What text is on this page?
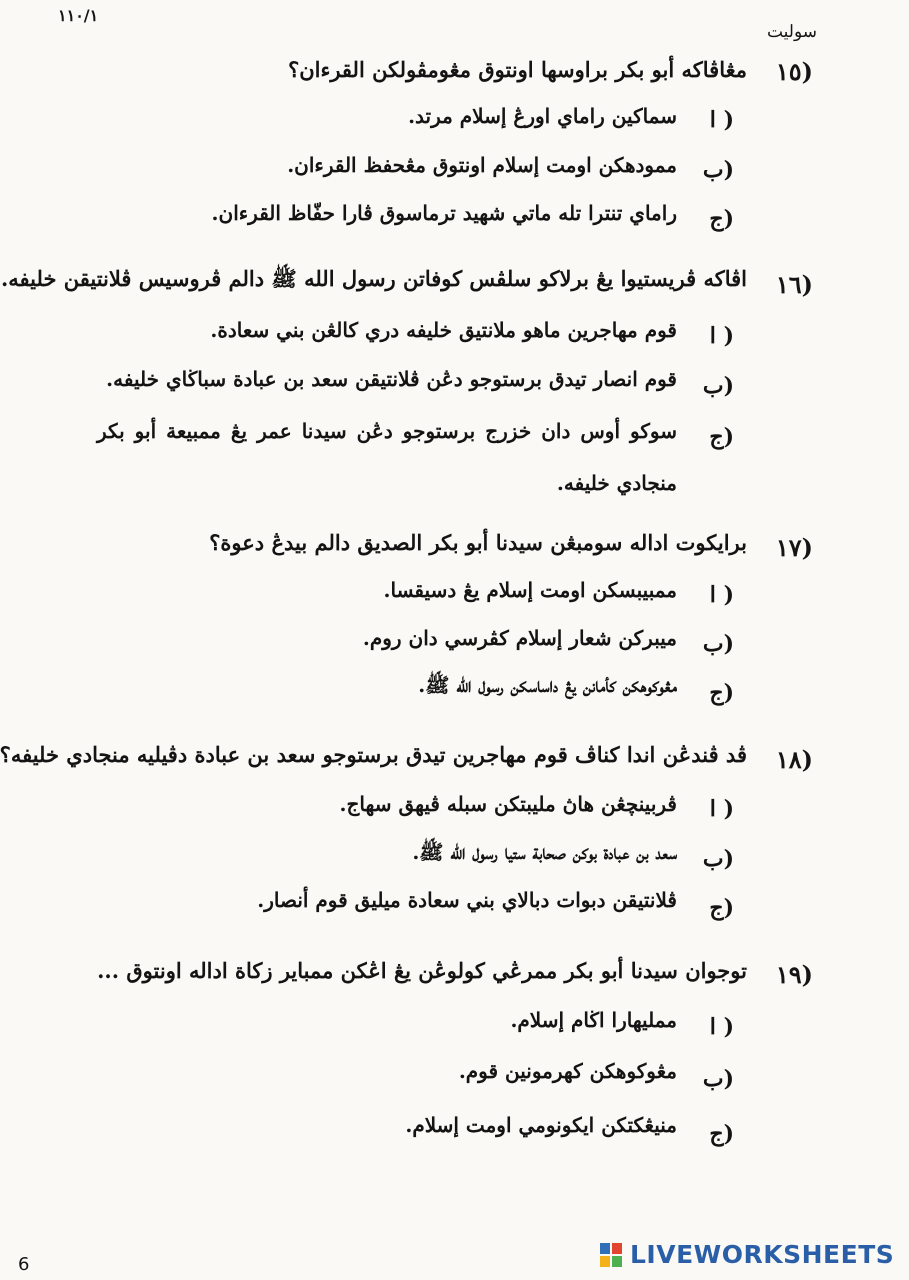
١١٠/١
سوليت
١٥)
مڠاڤاكه أبو بكر براوسها اونتوق مڠومڤولكن القرءان؟
ا )
سماكين راماي اورڠ إسلام مرتد.
ب)
ممودهكن اومت إسلام اونتوق مڠحفظ القرءان.
ج)
راماي تنترا تله ماتي شهيد ترماسوق ڤارا حفّاظ القرءان.
١٦)
اڤاكه ڤريستيوا يڠ برلاكو سلڤس كوفاتن رسول الله ﷺ دالم ڤروسيس ڤلانتيقن خليفه.
ا )
قوم مهاجرين ماهو ملانتيق خليفه دري كالڠن بني سعادة.
ب)
قوم انصار تيدق برستوجو دڠن ڤلانتيقن سعد بن عبادة سباڬاي خليفه.
ج)
سوكو أوس دان خزرج برستوجو دڠن سيدنا عمر يڠ ممبيعة أبو بكر منجادي خليفه.
١٧)
برايكوت اداله سومبڠن سيدنا أبو بكر الصديق دالم بيدڠ دعوة؟
ا )
ممبيبسكن اومت إسلام يڠ دسيقسا.
ب)
ميبركن شعار إسلام كڤرسي دان روم.
ج)
مڠوكوهكن كأمانن يڠ داساسكن رسول الله ﷺ.
١٨)
ڤد ڤندڠن اندا كناڤ قوم مهاجرين تيدق برستوجو سعد بن عبادة دڤيليه منجادي خليفه؟
ا )
ڤربينچڠن هاڽ مليبتكن سبله ڤيهق سهاج.
ب)
سعد بن عبادة بوكن صحابة ستيا رسول الله ﷺ.
ج)
ڤلانتيقن دبوات دبالاي بني سعادة ميليق قوم أنصار.
١٩)
توجوان سيدنا أبو بكر ممرڠي كولوڠن يڠ اڠكن ممباير زكاة اداله اونتوق ...
ا )
ممليهارا اڬام إسلام.
ب)
مڠوكوهكن كهرمونين قوم.
ج)
منيڠكتكن ايكونومي اومت إسلام.
6	LIVEWORKSHEETS
